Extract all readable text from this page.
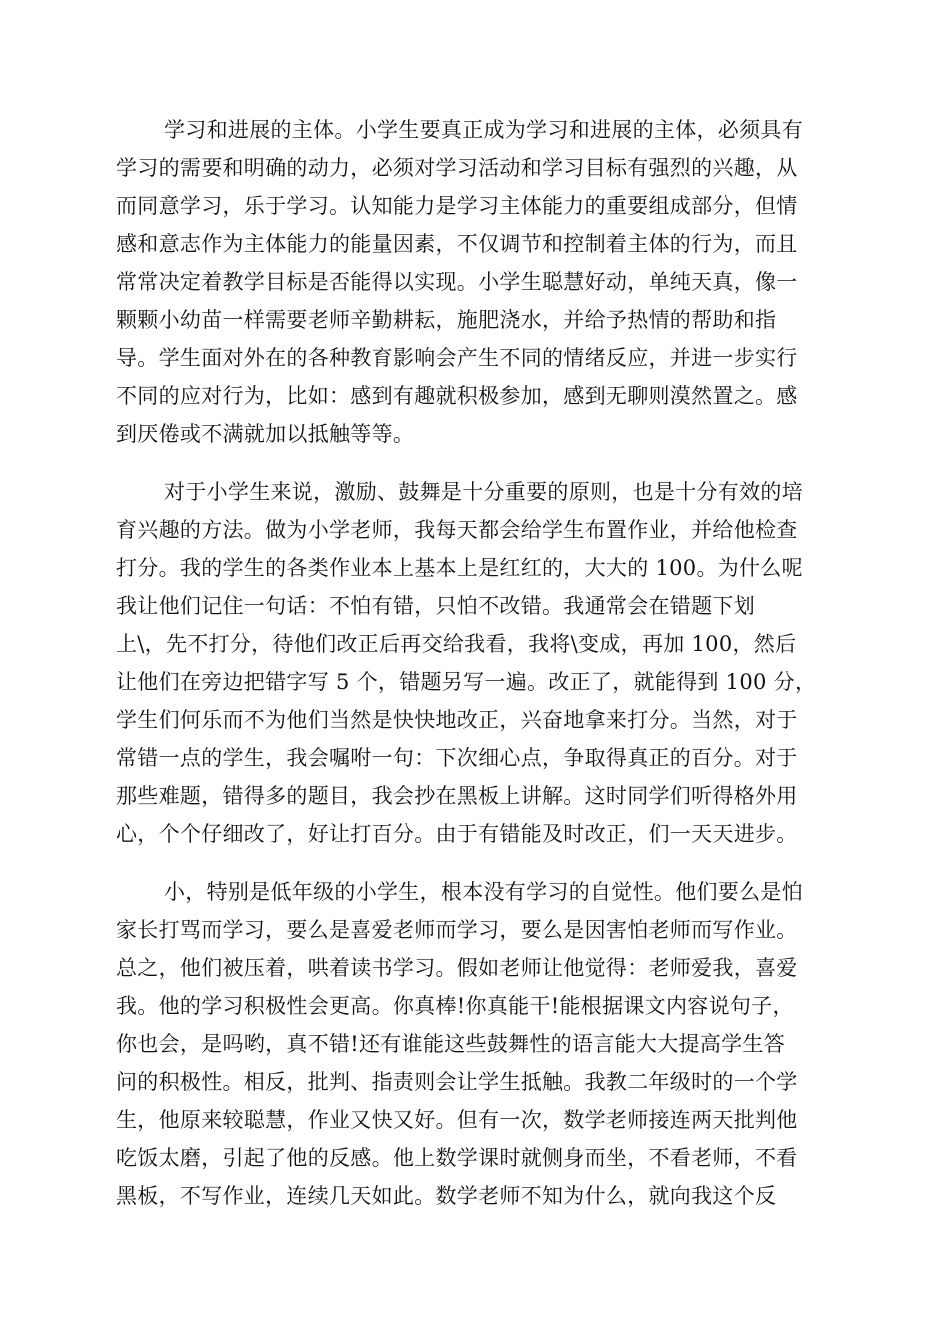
学习和进展的主体。小学生要真正成为学习和进展的主体，必须具有
学习的需要和明确的动力，必须对学习活动和学习目标有强烈的兴趣，从
而同意学习，乐于学习。认知能力是学习主体能力的重要组成部分，但情
感和意志作为主体能力的能量因素，不仅调节和控制着主体的行为，而且
常常决定着教学目标是否能得以实现。小学生聪慧好动，单纯天真，像一
颗颗小幼苗一样需要老师辛勤耕耘，施肥浇水，并给予热情的帮助和指
导。学生面对外在的各种教育影响会产生不同的情绪反应，并进一步实行
不同的应对行为，比如：感到有趣就积极参加，感到无聊则漠然置之。感
到厌倦或不满就加以抵触等等。
对于小学生来说，激励、鼓舞是十分重要的原则，也是十分有效的培
育兴趣的方法。做为小学老师，我每天都会给学生布置作业，并给他检查
打分。我的学生的各类作业本上基本上是红红的，大大的 100。为什么呢
我让他们记住一句话：不怕有错，只怕不改错。我通常会在错题下划
上\，先不打分，待他们改正后再交给我看，我将\变成，再加 100，然后
让他们在旁边把错字写 5 个，错题另写一遍。改正了，就能得到 100 分，
学生们何乐而不为他们当然是快快地改正，兴奋地拿来打分。当然，对于
常错一点的学生，我会嘱咐一句：下次细心点，争取得真正的百分。对于
那些难题，错得多的题目，我会抄在黑板上讲解。这时同学们听得格外用
心，个个仔细改了，好让打百分。由于有错能及时改正，们一天天进步。
小，特别是低年级的小学生，根本没有学习的自觉性。他们要么是怕
家长打骂而学习，要么是喜爱老师而学习，要么是因害怕老师而写作业。
总之，他们被压着，哄着读书学习。假如老师让他觉得：老师爱我，喜爱
我。他的学习积极性会更高。你真棒!你真能干!能根据课文内容说句子，
你也会，是吗哟，真不错!还有谁能这些鼓舞性的语言能大大提高学生答
问的积极性。相反，批判、指责则会让学生抵触。我教二年级时的一个学
生，他原来较聪慧，作业又快又好。但有一次，数学老师接连两天批判他
吃饭太磨，引起了他的反感。他上数学课时就侧身而坐，不看老师，不看
黑板，不写作业，连续几天如此。数学老师不知为什么，就向我这个反
